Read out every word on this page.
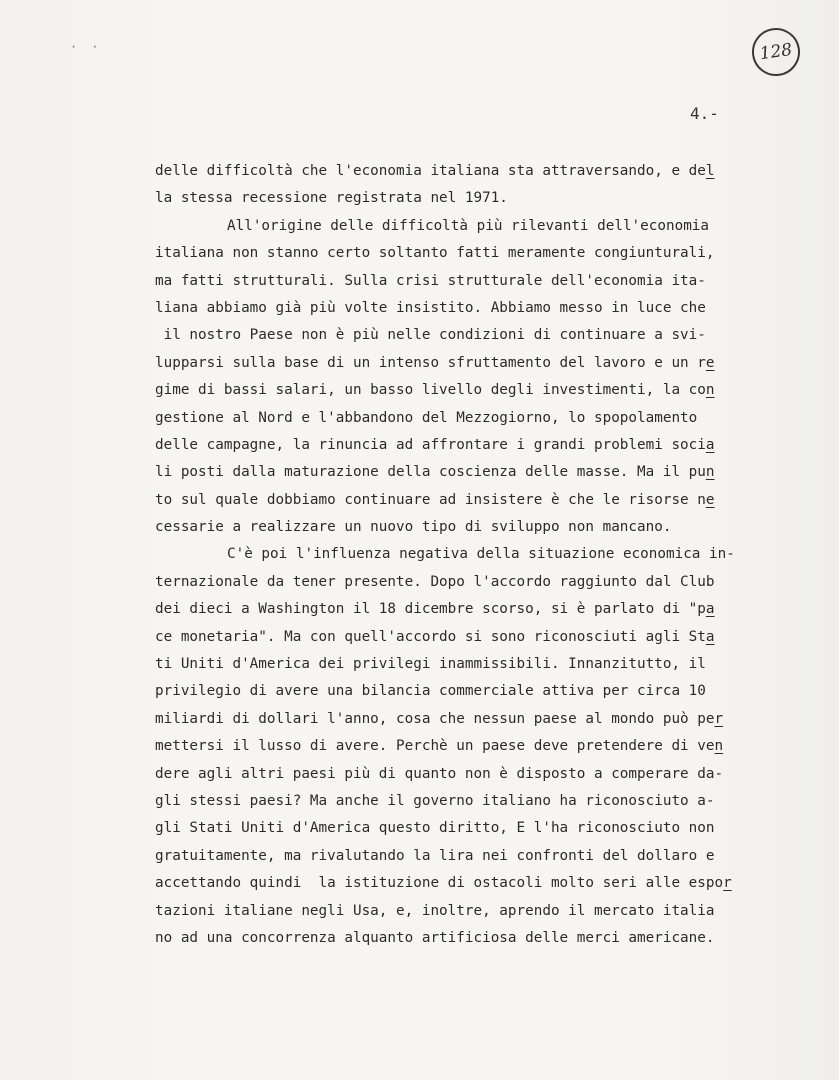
··	128
4.-
delle difficoltà che l'economia italiana sta attraversando, e del
la stessa recessione registrata nel 1971.
All'origine delle difficoltà più rilevanti dell'economia
italiana non stanno certo soltanto fatti meramente congiunturali,
ma fatti strutturali. Sulla crisi strutturale dell'economia ita-
liana abbiamo già più volte insistito. Abbiamo messo in luce che
il nostro Paese non è più nelle condizioni di continuare a svi-
lupparsi sulla base di un intenso sfruttamento del lavoro e un re
gime di bassi salari, un basso livello degli investimenti, la con
gestione al Nord e l'abbandono del Mezzogiorno, lo spopolamento
delle campagne, la rinuncia ad affrontare i grandi problemi socia
li posti dalla maturazione della coscienza delle masse. Ma il pun
to sul quale dobbiamo continuare ad insistere è che le risorse ne
cessarie a realizzare un nuovo tipo di sviluppo non mancano.
C'è poi l'influenza negativa della situazione economica in-
ternazionale da tener presente. Dopo l'accordo raggiunto dal Club
dei dieci a Washington il 18 dicembre scorso, si è parlato di "pa
ce monetaria". Ma con quell'accordo si sono riconosciuti agli Sta
ti Uniti d'America dei privilegi inammissibili. Innanzitutto, il
privilegio di avere una bilancia commerciale attiva per circa 10
miliardi di dollari l'anno, cosa che nessun paese al mondo può per
mettersi il lusso di avere. Perchè un paese deve pretendere di ven
dere agli altri paesi più di quanto non è disposto a comperare da-
gli stessi paesi? Ma anche il governo italiano ha riconosciuto a-
gli Stati Uniti d'America questo diritto, E l'ha riconosciuto non
gratuitamente, ma rivalutando la lira nei confronti del dollaro e
accettando quindi  la istituzione di ostacoli molto seri alle espor
tazioni italiane negli Usa, e, inoltre, aprendo il mercato italia
no ad una concorrenza alquanto artificiosa delle merci americane.
